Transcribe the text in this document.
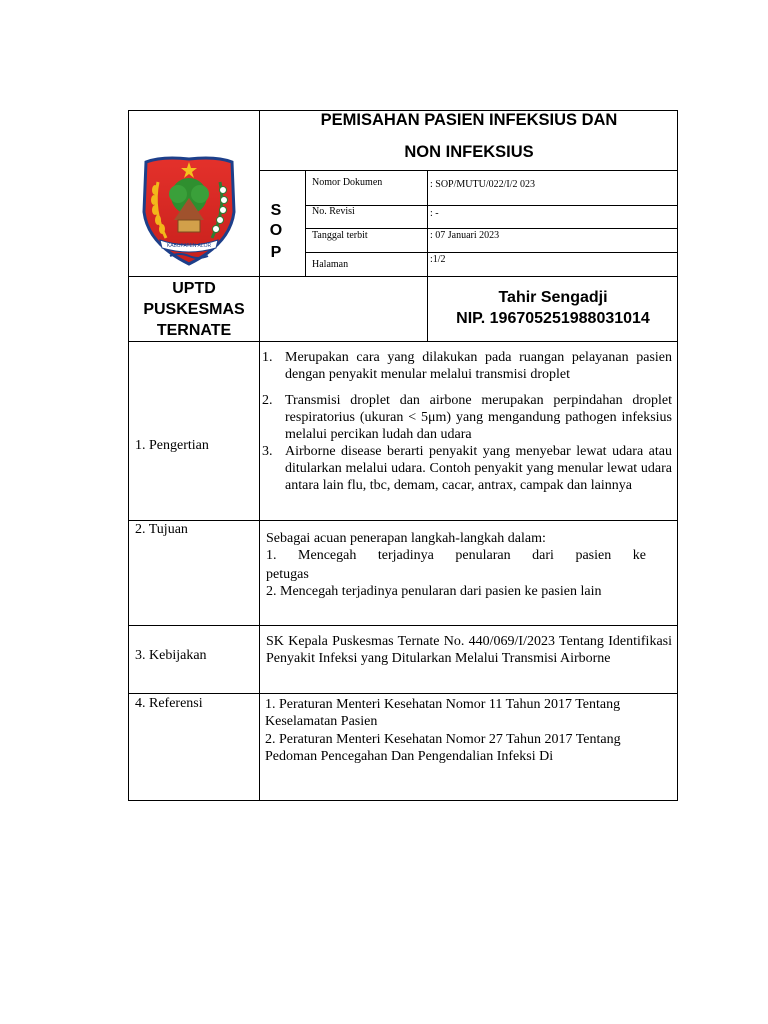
KABUPATEN ALOR
PEMISAHAN PASIEN INFEKSIUS DAN
NON INFEKSIUS
S
O
P
Nomor Dokumen	: SOP/MUTU/022/I/2 023
No. Revisi	: -
Tanggal terbit	: 07 Januari 2023
Halaman	:1/2
UPTD
PUSKESMAS
TERNATE
Tahir Sengadji
NIP. 196705251988031014
1. Pengertian
1. Merupakan cara yang dilakukan pada ruangan pelayanan pasien dengan penyakit menular melalui transmisi droplet
2. Transmisi droplet dan airbone merupakan perpindahan droplet respiratorius (ukuran < 5μm) yang mengandung pathogen infeksius melalui percikan ludah dan udara
3. Airborne disease berarti penyakit yang menyebar lewat udara atau ditularkan melalui udara. Contoh penyakit yang menular lewat udara antara lain flu, tbc, demam, cacar, antrax, campak dan lainnya
2. Tujuan
Sebagai acuan penerapan langkah-langkah dalam:
1. Mencegah terjadinya penularan dari pasien ke
petugas
2. Mencegah terjadinya penularan dari pasien ke pasien lain
3. Kebijakan
SK Kepala Puskesmas Ternate No. 440/069/I/2023 Tentang Identifikasi Penyakit Infeksi yang Ditularkan Melalui Transmisi Airborne
4. Referensi	1. Peraturan Menteri Kesehatan Nomor 11 Tahun 2017 Tentang
Keselamatan Pasien
2. Peraturan Menteri Kesehatan Nomor 27 Tahun 2017 Tentang
Pedoman Pencegahan Dan Pengendalian Infeksi Di
